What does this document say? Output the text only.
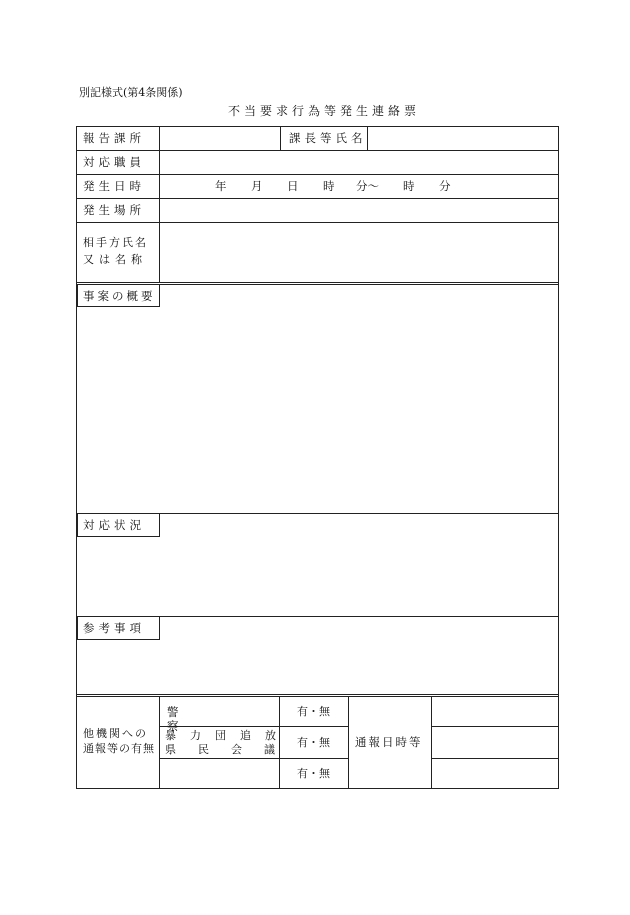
別記様式(第4条関係)
不当要求行為等発生連絡票
報告課所	課長等氏名
対応職員
発生日時	年 月 日 時 分～ 時 分
発生場所
相手方氏名
又は名称
事案の概要
対応状況
参考事項
他機関への
通報等の有無
警察
暴力団追放
県民会議
有・無
有・無
有・無
通報日時等
